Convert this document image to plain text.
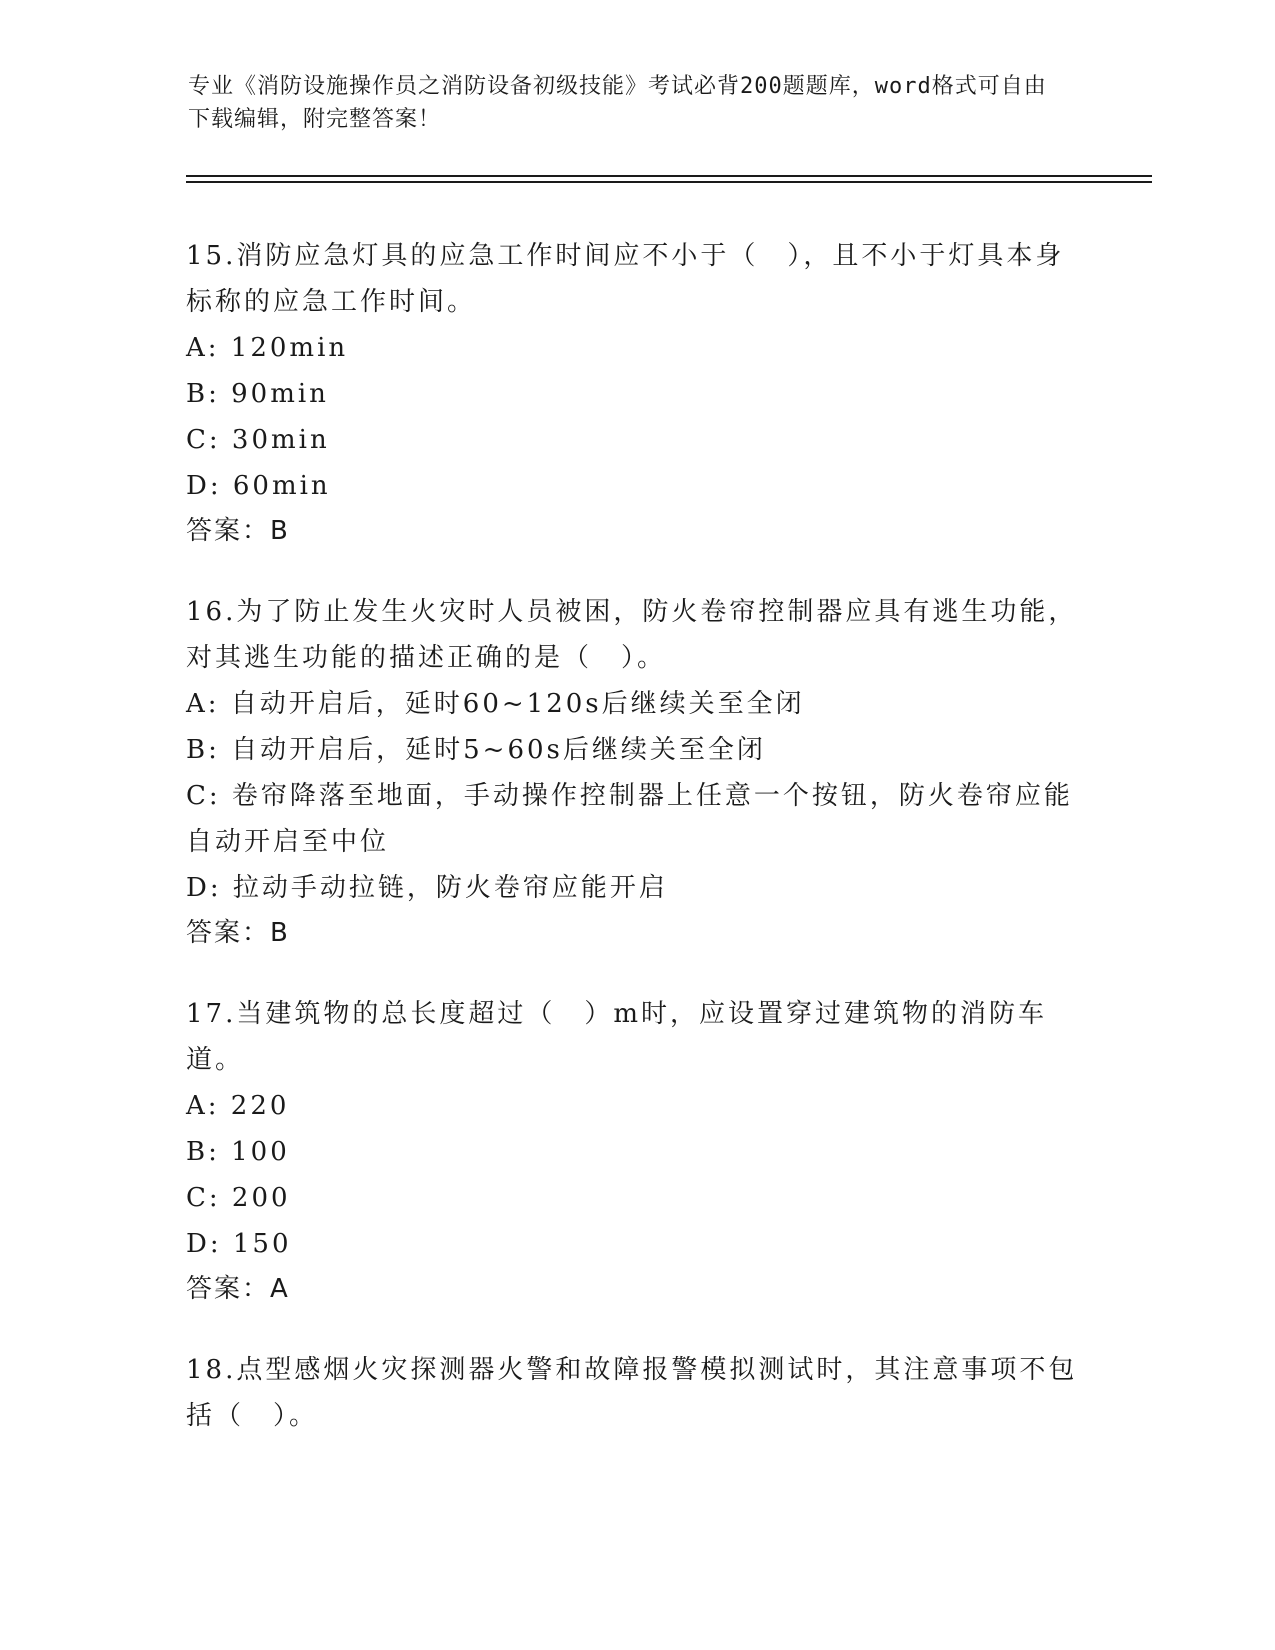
专业《消防设施操作员之消防设备初级技能》考试必背200题题库，word格式可自由下载编辑，附完整答案！

15.消防应急灯具的应急工作时间应不小于（　），且不小于灯具本身标称的应急工作时间。

A: 120min

B: 90min

C: 30min

D: 60min

答案：B

16.为了防止发生火灾时人员被困，防火卷帘控制器应具有逃生功能，对其逃生功能的描述正确的是（　）。

A: 自动开启后，延时60~120s后继续关至全闭

B: 自动开启后，延时5~60s后继续关至全闭

C: 卷帘降落至地面，手动操作控制器上任意一个按钮，防火卷帘应能自动开启至中位

D: 拉动手动拉链，防火卷帘应能开启

答案：B

17.当建筑物的总长度超过（　）m时，应设置穿过建筑物的消防车道。

A: 220

B: 100

C: 200

D: 150

答案：A

18.点型感烟火灾探测器火警和故障报警模拟测试时，其注意事项不包括（　）。
